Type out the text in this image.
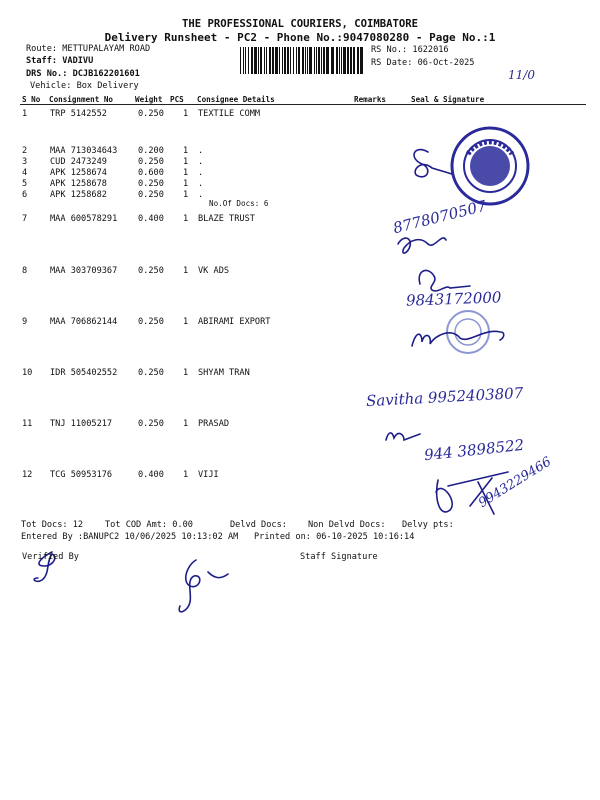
THE PROFESSIONAL COURIERS, COIMBATORE
Delivery Runsheet - PC2 - Phone No.:9047080280 - Page No.:1
Route: METTUPALAYAM ROAD
Staff: VADIVU
DRS No.: DCJB162201601
Vehicle: Box Delivery
RS No.: 1622016
RS Date: 06-Oct-2025
11/0
S No Consignment No	Weight PCS Consignee Details	Remarks	Seal & Signature
1	TRP 5142552	0.250 1 TEXTILE COMM
2	MAA 713034643 0.200 1 .
3	CUD 2473249	0.250 1 .
4	APK 1258674	0.600 1 .
5	APK 1258678	0.250 1 .
6	APK 1258682	0.250 1 .
7	MAA 600578291 0.400 1 BLAZE TRUST
8	MAA 303709367 0.250 1 VK ADS
9	MAA 706862144 0.250 1 ABIRAMI EXPORT
10 IDR 505402552 0.250 1 SHYAM TRAN
11 TNJ 11005217	0.250 1 PRASAD
12 TCG 50953176	0.400 1 VIJI
No.Of Docs: 6	8778070507
9843172000
Savitha 9952403807
944 3898522
9943229466
Tot Docs: 12	Tot COD Amt: 0.00	Delvd Docs: Non Delvd Docs: Delvy pts:
Entered By :BANUPC2 10/06/2025 10:13:02 AM Printed on: 06-10-2025 10:16:14
Verified By	Staff Signature
